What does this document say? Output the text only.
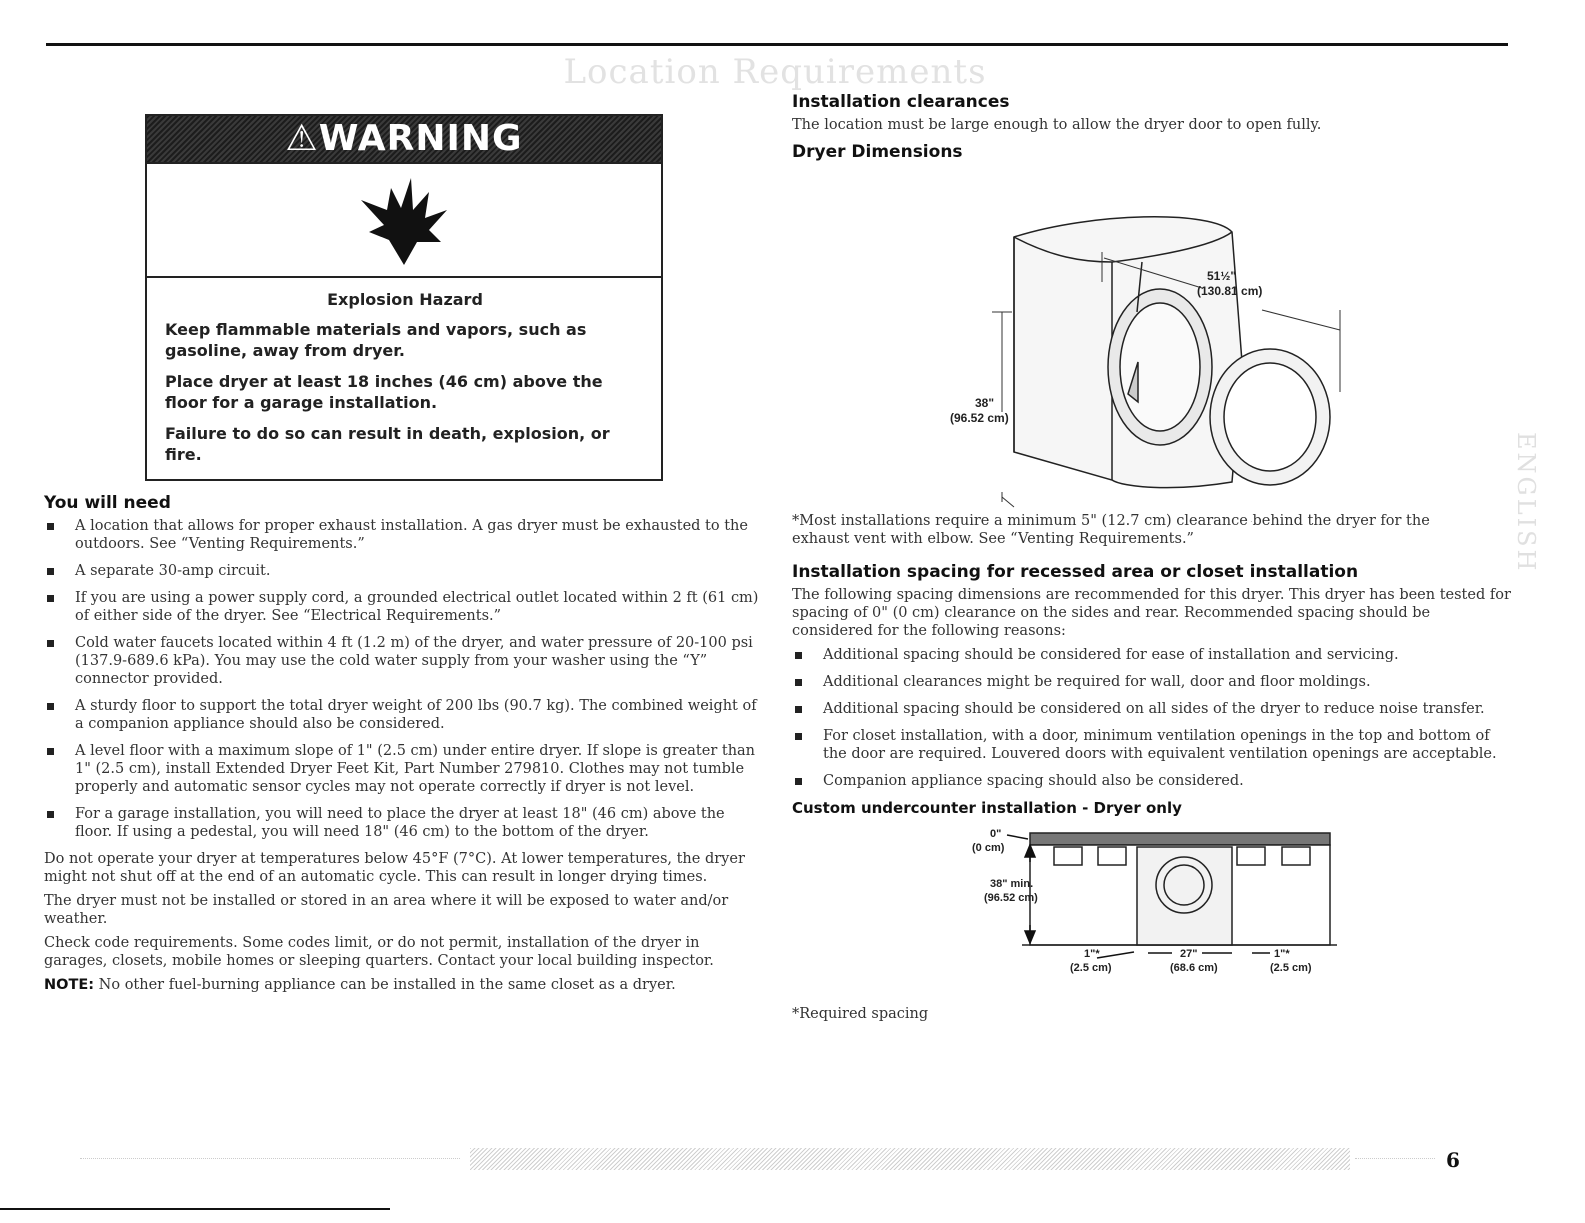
Location Requirements
⚠WARNING
Explosion Hazard

Keep flammable materials and vapors, such as gasoline, away from dryer.

Place dryer at least 18 inches (46 cm) above the floor for a garage installation.

Failure to do so can result in death, explosion, or fire.

You will need
A location that allows for proper exhaust installation. A gas dryer must be exhausted to the outdoors. See “Venting Requirements.”
A separate 30-amp circuit.
If you are using a power supply cord, a grounded electrical outlet located within 2 ft (61 cm) of either side of the dryer. See “Electrical Requirements.”
Cold water faucets located within 4 ft (1.2 m) of the dryer, and water pressure of 20-100 psi (137.9-689.6 kPa). You may use the cold water supply from your washer using the “Y” connector provided.
A sturdy floor to support the total dryer weight of 200 lbs (90.7 kg). The combined weight of a companion appliance should also be considered.
A level floor with a maximum slope of 1" (2.5 cm) under entire dryer. If slope is greater than 1" (2.5 cm), install Extended Dryer Feet Kit, Part Number 279810. Clothes may not tumble properly and automatic sensor cycles may not operate correctly if dryer is not level.
For a garage installation, you will need to place the dryer at least 18" (46 cm) above the floor. If using a pedestal, you will need 18" (46 cm) to the bottom of the dryer.

Do not operate your dryer at temperatures below 45°F (7°C). At lower temperatures, the dryer might not shut off at the end of an automatic cycle. This can result in longer drying times.

The dryer must not be installed or stored in an area where it will be exposed to water and/or weather.

Check code requirements. Some codes limit, or do not permit, installation of the dryer in garages, closets, mobile homes or sleeping quarters. Contact your local building inspector.

NOTE: No other fuel-burning appliance can be installed in the same closet as a dryer.

Installation clearances

The location must be large enough to allow the dryer door to open fully.

Dryer Dimensions
51½"
(130.81 cm)
38"
(96.52 cm)

*Most installations require a minimum 5" (12.7 cm) clearance behind the dryer for the exhaust vent with elbow. See “Venting Requirements.”

Installation spacing for recessed area or closet installation

The following spacing dimensions are recommended for this dryer. This dryer has been tested for spacing of 0" (0 cm) clearance on the sides and rear. Recommended spacing should be considered for the following reasons:

Additional spacing should be considered for ease of installation and servicing.
Additional clearances might be required for wall, door and floor moldings.
Additional spacing should be considered on all sides of the dryer to reduce noise transfer.
For closet installation, with a door, minimum ventilation openings in the top and bottom of the door are required. Louvered doors with equivalent ventilation openings are acceptable.
Companion appliance spacing should also be considered.
Custom undercounter installation - Dryer only
0"
(0 cm)
38" min.
(96.52 cm)
1"*
(2.5 cm)
27"
(68.6 cm)
1"*
(2.5 cm)

*Required spacing

ENGLISH
6
